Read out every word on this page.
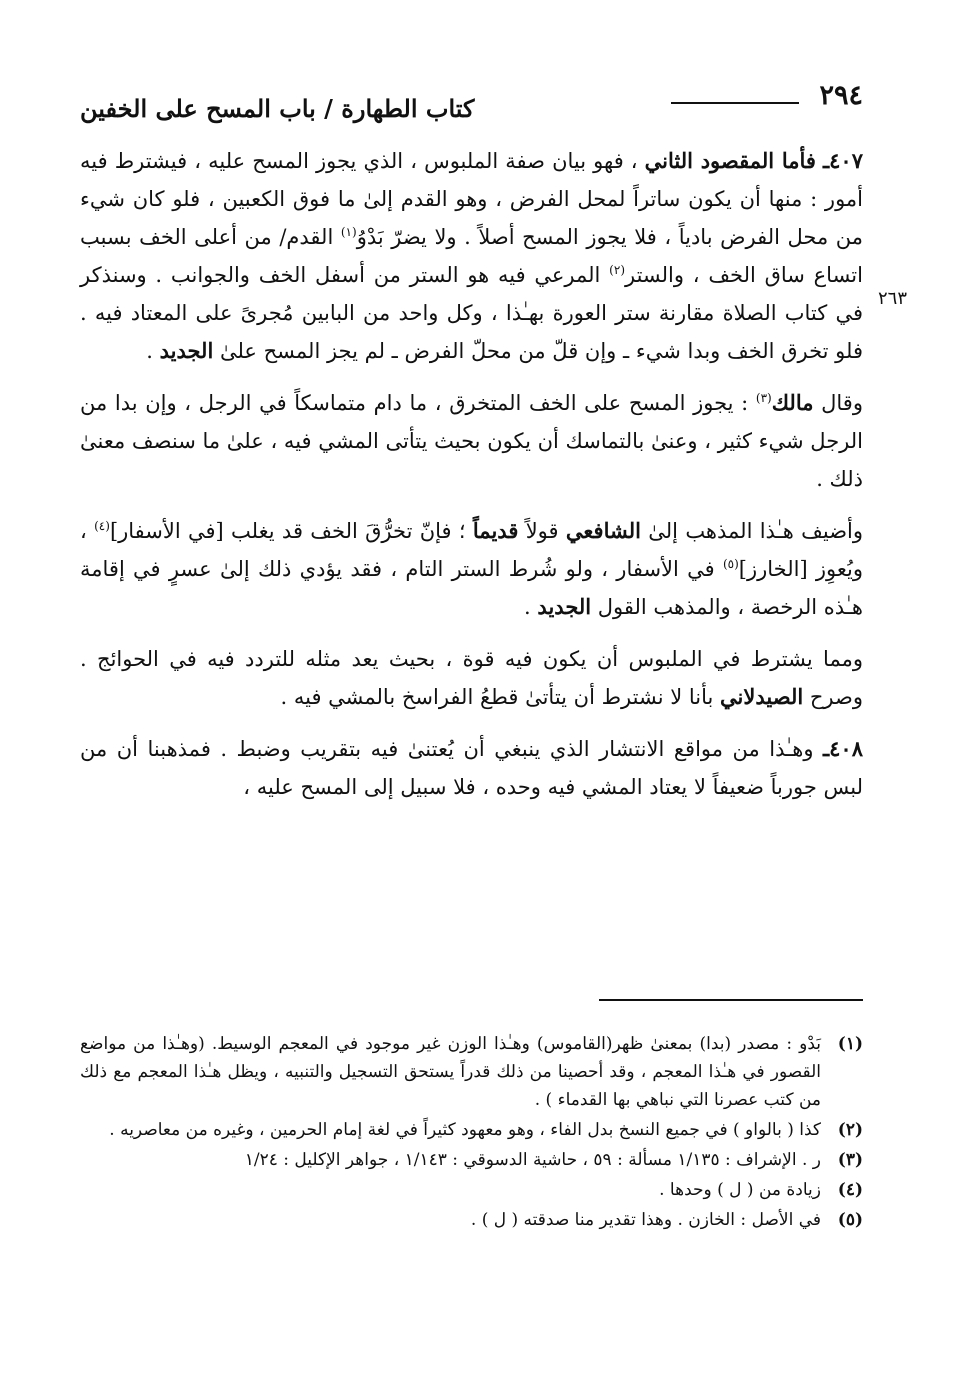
٢٩٤
كتاب الطهارة / باب المسح على الخفين
٢٦٣

٤٠٧ـ فأما المقصود الثاني ، فهو بيان صفة الملبوس ، الذي يجوز المسح عليه ، فيشترط فيه أمور : منها أن يكون ساتراً لمحل الفرض ، وهو القدم إلىٰ ما فوق الكعبين ، فلو كان شيء من محل الفرض بادياً ، فلا يجوز المسح أصلاً . ولا يضرّ بَدْوُ$^{(١)}$ القدم/ من أعلى الخف بسبب اتساع ساق الخف ، والستر$^{(٢)}$ المرعي فيه هو الستر من أسفل الخف والجوانب . وسنذكر في كتاب الصلاة مقارنة ستر العورة بهـٰذا ، وكل واحد من البابين مُجرىً على المعتاد فيه . فلو تخرق الخف وبدا شيء ـ وإن قلّ من محلّ الفرض ـ لم يجز المسح علىٰ الجديد .

وقال مالك$^{(٣)}$ : يجوز المسح على الخف المتخرق ، ما دام متماسكاً في الرجل ، وإن بدا من الرجل شيء كثير ، وعنىٰ بالتماسك أن يكون بحيث يتأتى المشي فيه ، علىٰ ما سنصف معنىٰ ذلك .

وأضيف هـٰذا المذهب إلىٰ الشافعي قولاً قديماً ؛ فإنّ تخرُّقَ الخف قد يغلب [في الأسفار]$^{(٤)}$ ، ويُعوِز [الخارز]$^{(٥)}$ في الأسفار ، ولو شُرط الستر التام ، فقد يؤدي ذلك إلىٰ عسرٍ في إقامة هـٰذه الرخصة ، والمذهب القول الجديد .

ومما يشترط في الملبوس أن يكون فيه قوة ، بحيث يعد مثله للتردد فيه في الحوائج . وصرح الصيدلاني بأنا لا نشترط أن يتأتىٰ قطعُ الفراسخ بالمشي فيه .

٤٠٨ـ وهـٰذا من مواقع الانتشار الذي ينبغي أن يُعتنىٰ فيه بتقريب وضبط . فمذهبنا أن من لبس جورباً ضعيفاً لا يعتاد المشي فيه وحده ، فلا سبيل إلى المسح عليه ،

(١)
بَدْو : مصدر (بدا) بمعنىٰ ظهر(القاموس) وهـٰذا الوزن غير موجود في المعجم الوسيط. (وهـٰذا من مواضع القصور في هـٰذا المعجم ، وقد أحصينا من ذلك قدراً يستحق التسجيل والتنبيه ، ويظل هـٰذا المعجم مع ذلك من كتب عصرنا التي نباهي بها القدماء ) .
(٢)
كذا ( بالواو ) في جميع النسخ بدل الفاء ، وهو معهود كثيراً في لغة إمام الحرمين ، وغيره من معاصريه .
(٣)
ر . الإشراف : ١/١٣٥ مسألة : ٥٩ ، حاشية الدسوقي : ١/١٤٣ ، جواهر الإكليل : ١/٢٤
(٤)
زيادة من ( ل ) وحدها .
(٥)
في الأصل : الخازن . وهذا تقدير منا صدقته ( ل ) .
